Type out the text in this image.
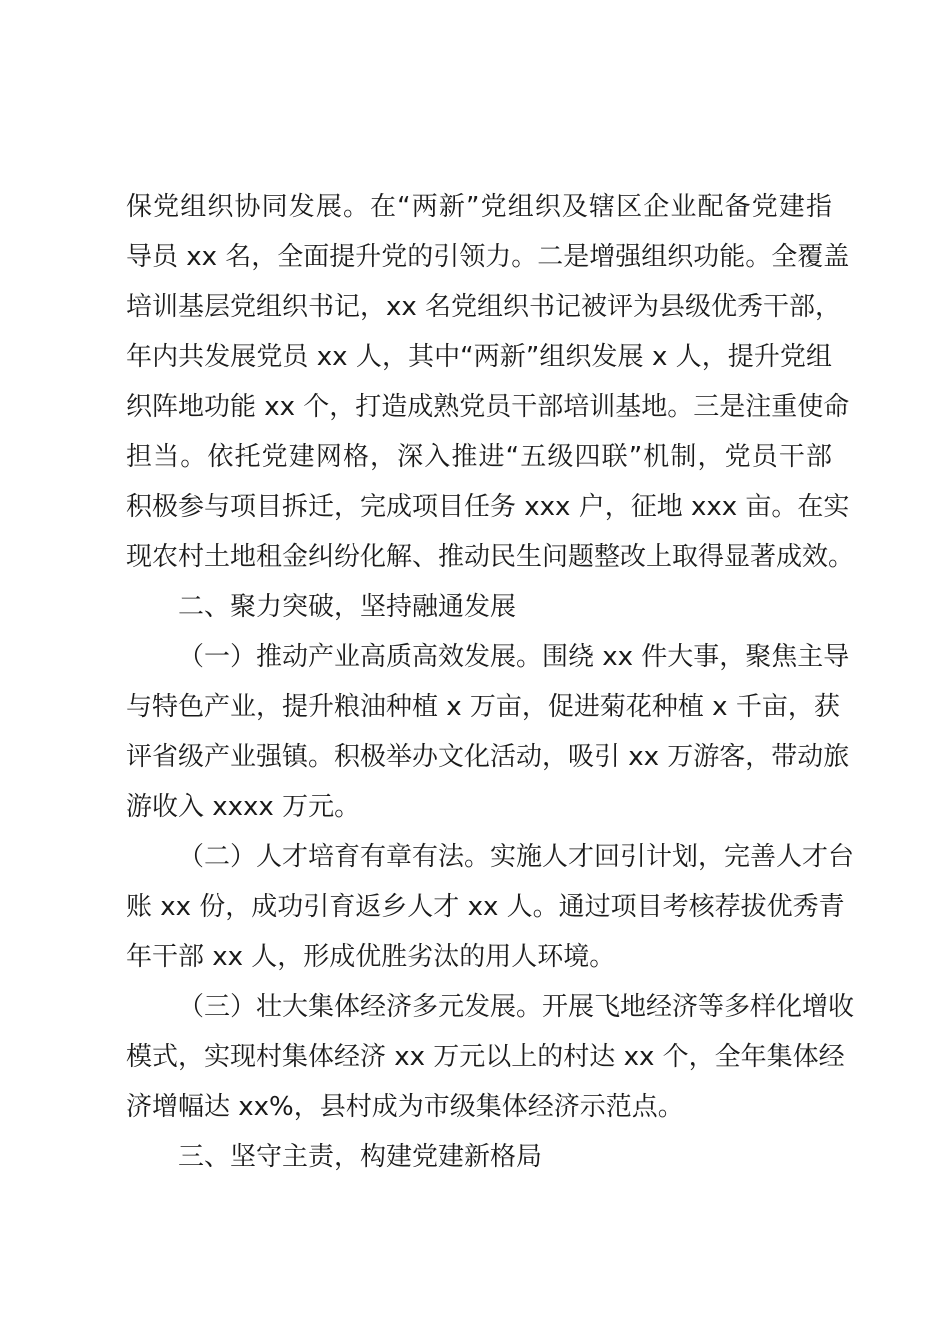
保党组织协同发展。在“两新”党组织及辖区企业配备党建指
导员 xx 名，全面提升党的引领力。二是增强组织功能。全覆盖
培训基层党组织书记，xx 名党组织书记被评为县级优秀干部，
年内共发展党员 xx 人，其中“两新”组织发展 x 人，提升党组
织阵地功能 xx 个，打造成熟党员干部培训基地。三是注重使命
担当。依托党建网格，深入推进“五级四联”机制，党员干部
积极参与项目拆迁，完成项目任务 xxx 户，征地 xxx 亩。在实
现农村土地租金纠纷化解、推动民生问题整改上取得显著成效。
二、聚力突破，坚持融通发展
（一）推动产业高质高效发展。围绕 xx 件大事，聚焦主导
与特色产业，提升粮油种植 x 万亩，促进菊花种植 x 千亩，获
评省级产业强镇。积极举办文化活动，吸引 xx 万游客，带动旅
游收入 xxxx 万元。
（二）人才培育有章有法。实施人才回引计划，完善人才台
账 xx 份，成功引育返乡人才 xx 人。通过项目考核荐拔优秀青
年干部 xx 人，形成优胜劣汰的用人环境。
（三）壮大集体经济多元发展。开展飞地经济等多样化增收
模式，实现村集体经济 xx 万元以上的村达 xx 个，全年集体经
济增幅达 xx%，县村成为市级集体经济示范点。
三、坚守主责，构建党建新格局
